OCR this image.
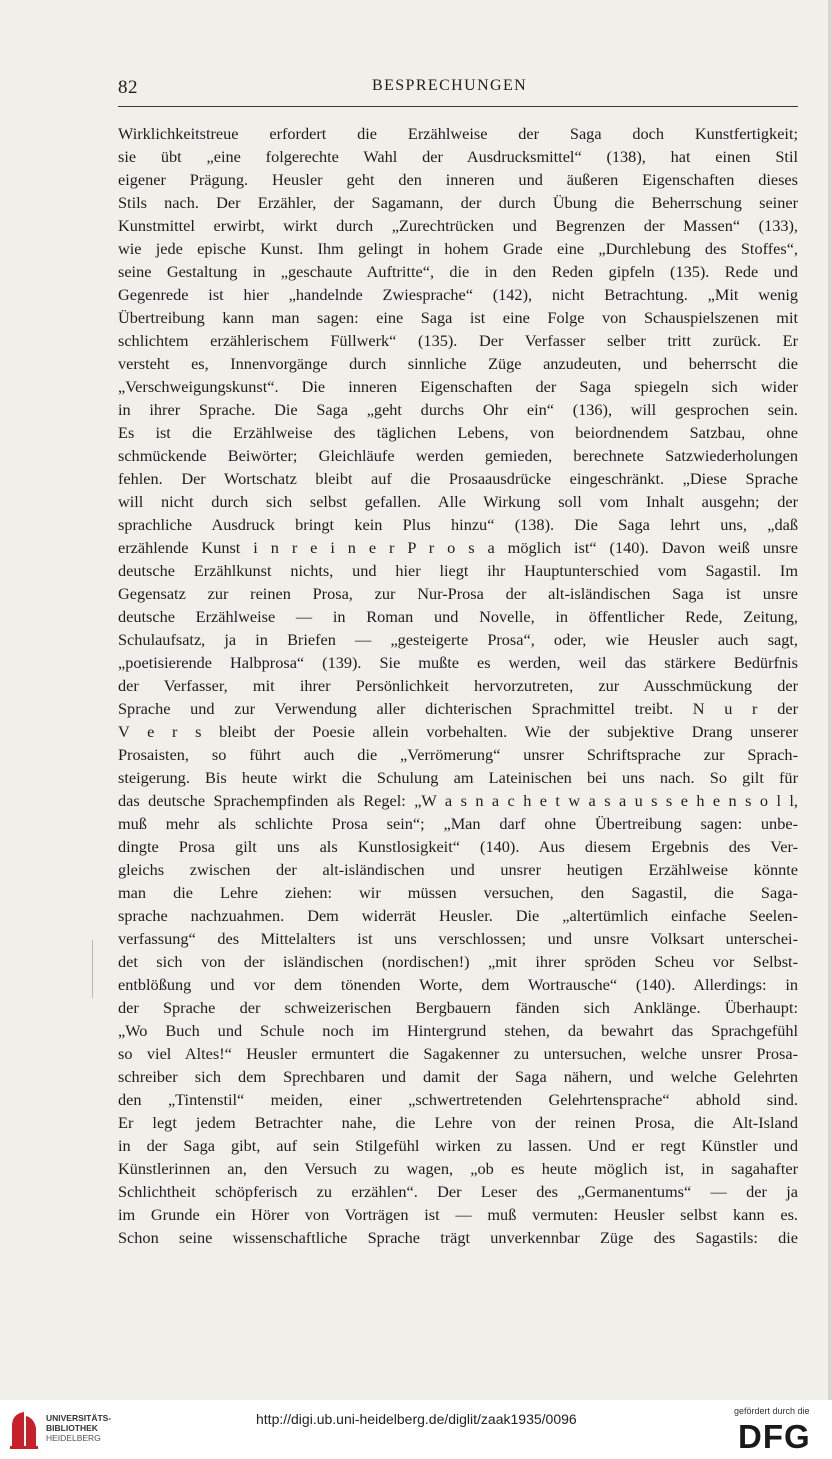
82	BESPRECHUNGEN
Wirklichkeitstreue erfordert die Erzählweise der Saga doch Kunstfertigkeit;
sie übt „eine folgerechte Wahl der Ausdrucksmittel“ (138), hat einen Stil
eigener Prägung. Heusler geht den inneren und äußeren Eigenschaften dieses
Stils nach. Der Erzähler, der Sagamann, der durch Übung die Beherrschung seiner
Kunstmittel erwirbt, wirkt durch „Zurechtrücken und Begrenzen der Massen“ (133),
wie jede epische Kunst. Ihm gelingt in hohem Grade eine „Durchlebung des Stoffes“,
seine Gestaltung in „geschaute Auftritte“, die in den Reden gipfeln (135). Rede und
Gegenrede ist hier „handelnde Zwiesprache“ (142), nicht Betrachtung. „Mit wenig
Übertreibung kann man sagen: eine Saga ist eine Folge von Schauspielszenen mit
schlichtem erzählerischem Füllwerk“ (135). Der Verfasser selber tritt zurück. Er
versteht es, Innenvorgänge durch sinnliche Züge anzudeuten, und beherrscht die
„Verschweigungskunst“. Die inneren Eigenschaften der Saga spiegeln sich wider
in ihrer Sprache. Die Saga „geht durchs Ohr ein“ (136), will gesprochen sein.
Es ist die Erzählweise des täglichen Lebens, von beiordnendem Satzbau, ohne
schmückende Beiwörter; Gleichläufe werden gemieden, berechnete Satzwiederholungen
fehlen. Der Wortschatz bleibt auf die Prosaausdrücke eingeschränkt. „Diese Sprache
will nicht durch sich selbst gefallen. Alle Wirkung soll vom Inhalt ausgehn; der
sprachliche Ausdruck bringt kein Plus hinzu“ (138). Die Saga lehrt uns, „daß
erzählende Kunst i n r e i n e r P r o s a möglich ist“ (140). Davon weiß unsre
deutsche Erzählkunst nichts, und hier liegt ihr Hauptunterschied vom Sagastil. Im
Gegensatz zur reinen Prosa, zur Nur-Prosa der alt-isländischen Saga ist unsre
deutsche Erzählweise — in Roman und Novelle, in öffentlicher Rede, Zeitung,
Schulaufsatz, ja in Briefen — „gesteigerte Prosa“, oder, wie Heusler auch sagt,
„poetisierende Halbprosa“ (139). Sie mußte es werden, weil das stärkere Bedürfnis
der Verfasser, mit ihrer Persönlichkeit hervorzutreten, zur Ausschmückung der
Sprache und zur Verwendung aller dichterischen Sprachmittel treibt. N u r der
V e r s bleibt der Poesie allein vorbehalten. Wie der subjektive Drang unserer
Prosaisten, so führt auch die „Verrömerung“ unsrer Schriftsprache zur Sprach-
steigerung. Bis heute wirkt die Schulung am Lateinischen bei uns nach. So gilt für
das deutsche Sprachempfinden als Regel: „W a s n a c h e t w a s a u s s e h e n s o l l,
muß mehr als schlichte Prosa sein“; „Man darf ohne Übertreibung sagen: unbe-
dingte Prosa gilt uns als Kunstlosigkeit“ (140). Aus diesem Ergebnis des Ver-
gleichs zwischen der alt-isländischen und unsrer heutigen Erzählweise könnte
man die Lehre ziehen: wir müssen versuchen, den Sagastil, die Saga-
sprache nachzuahmen. Dem widerrät Heusler. Die „altertümlich einfache Seelen-
verfassung“ des Mittelalters ist uns verschlossen; und unsre Volksart unterschei-
det sich von der isländischen (nordischen!) „mit ihrer spröden Scheu vor Selbst-
entblößung und vor dem tönenden Worte, dem Wortrausche“ (140). Allerdings: in
der Sprache der schweizerischen Bergbauern fänden sich Anklänge. Überhaupt:
„Wo Buch und Schule noch im Hintergrund stehen, da bewahrt das Sprachgefühl
so viel Altes!“ Heusler ermuntert die Sagakenner zu untersuchen, welche unsrer Prosa-
schreiber sich dem Sprechbaren und damit der Saga nähern, und welche Gelehrten
den „Tintenstil“ meiden, einer „schwertretenden Gelehrtensprache“ abhold sind.
Er legt jedem Betrachter nahe, die Lehre von der reinen Prosa, die Alt-Island
in der Saga gibt, auf sein Stilgefühl wirken zu lassen. Und er regt Künstler und
Künstlerinnen an, den Versuch zu wagen, „ob es heute möglich ist, in sagahafter
Schlichtheit schöpferisch zu erzählen“. Der Leser des „Germanentums“ — der ja
im Grunde ein Hörer von Vorträgen ist — muß vermuten: Heusler selbst kann es.
Schon seine wissenschaftliche Sprache trägt unverkennbar Züge des Sagastils: die
UNIVERSITÄTS-
BIBLIOTHEK
HEIDELBERG
http://digi.ub.uni-heidelberg.de/diglit/zaak1935/0096	gefördert durch die
DFG
